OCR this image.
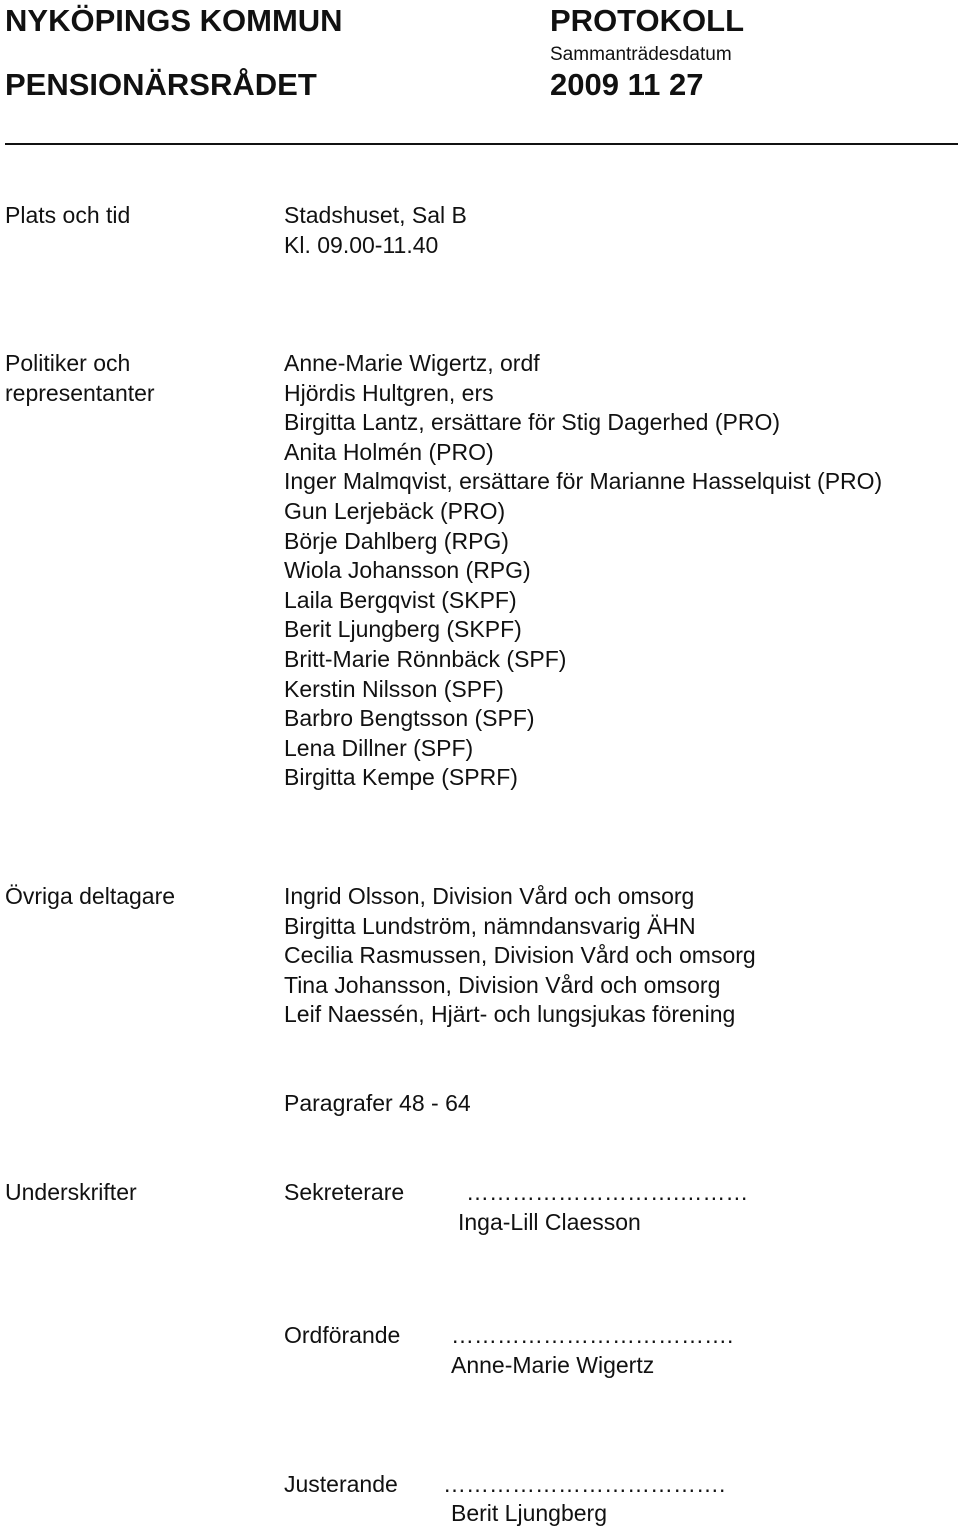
NYKÖPINGS KOMMUN	PROTOKOLL
Sammanträdesdatum
PENSIONÄRSRÅDET	2009 11 27
Plats och tid	Stadshuset, Sal B
Kl. 09.00-11.40
Politiker och
representanter
Anne-Marie Wigertz, ordf
Hjördis Hultgren, ers
Birgitta Lantz, ersättare för Stig Dagerhed (PRO)
Anita Holmén (PRO)
Inger Malmqvist, ersättare för Marianne Hasselquist (PRO)
Gun Lerjebäck (PRO)
Börje Dahlberg (RPG)
Wiola Johansson (RPG)
Laila Bergqvist (SKPF)
Berit Ljungberg (SKPF)
Britt-Marie Rönnbäck (SPF)
Kerstin Nilsson (SPF)
Barbro Bengtsson (SPF)
Lena Dillner (SPF)
Birgitta Kempe (SPRF)
Övriga deltagare	Ingrid Olsson, Division Vård och omsorg
Birgitta Lundström, nämndansvarig ÄHN
Cecilia Rasmussen, Division Vård och omsorg
Tina Johansson, Division Vård och omsorg
Leif Naessén, Hjärt- och lungsjukas förening
Paragrafer 48 - 64
Underskrifter	Sekreterare	……………………….………
Inga-Lill Claesson
Ordförande ……………………………….
Anne-Marie Wigertz
Justerande ……………………………….
Berit Ljungberg
